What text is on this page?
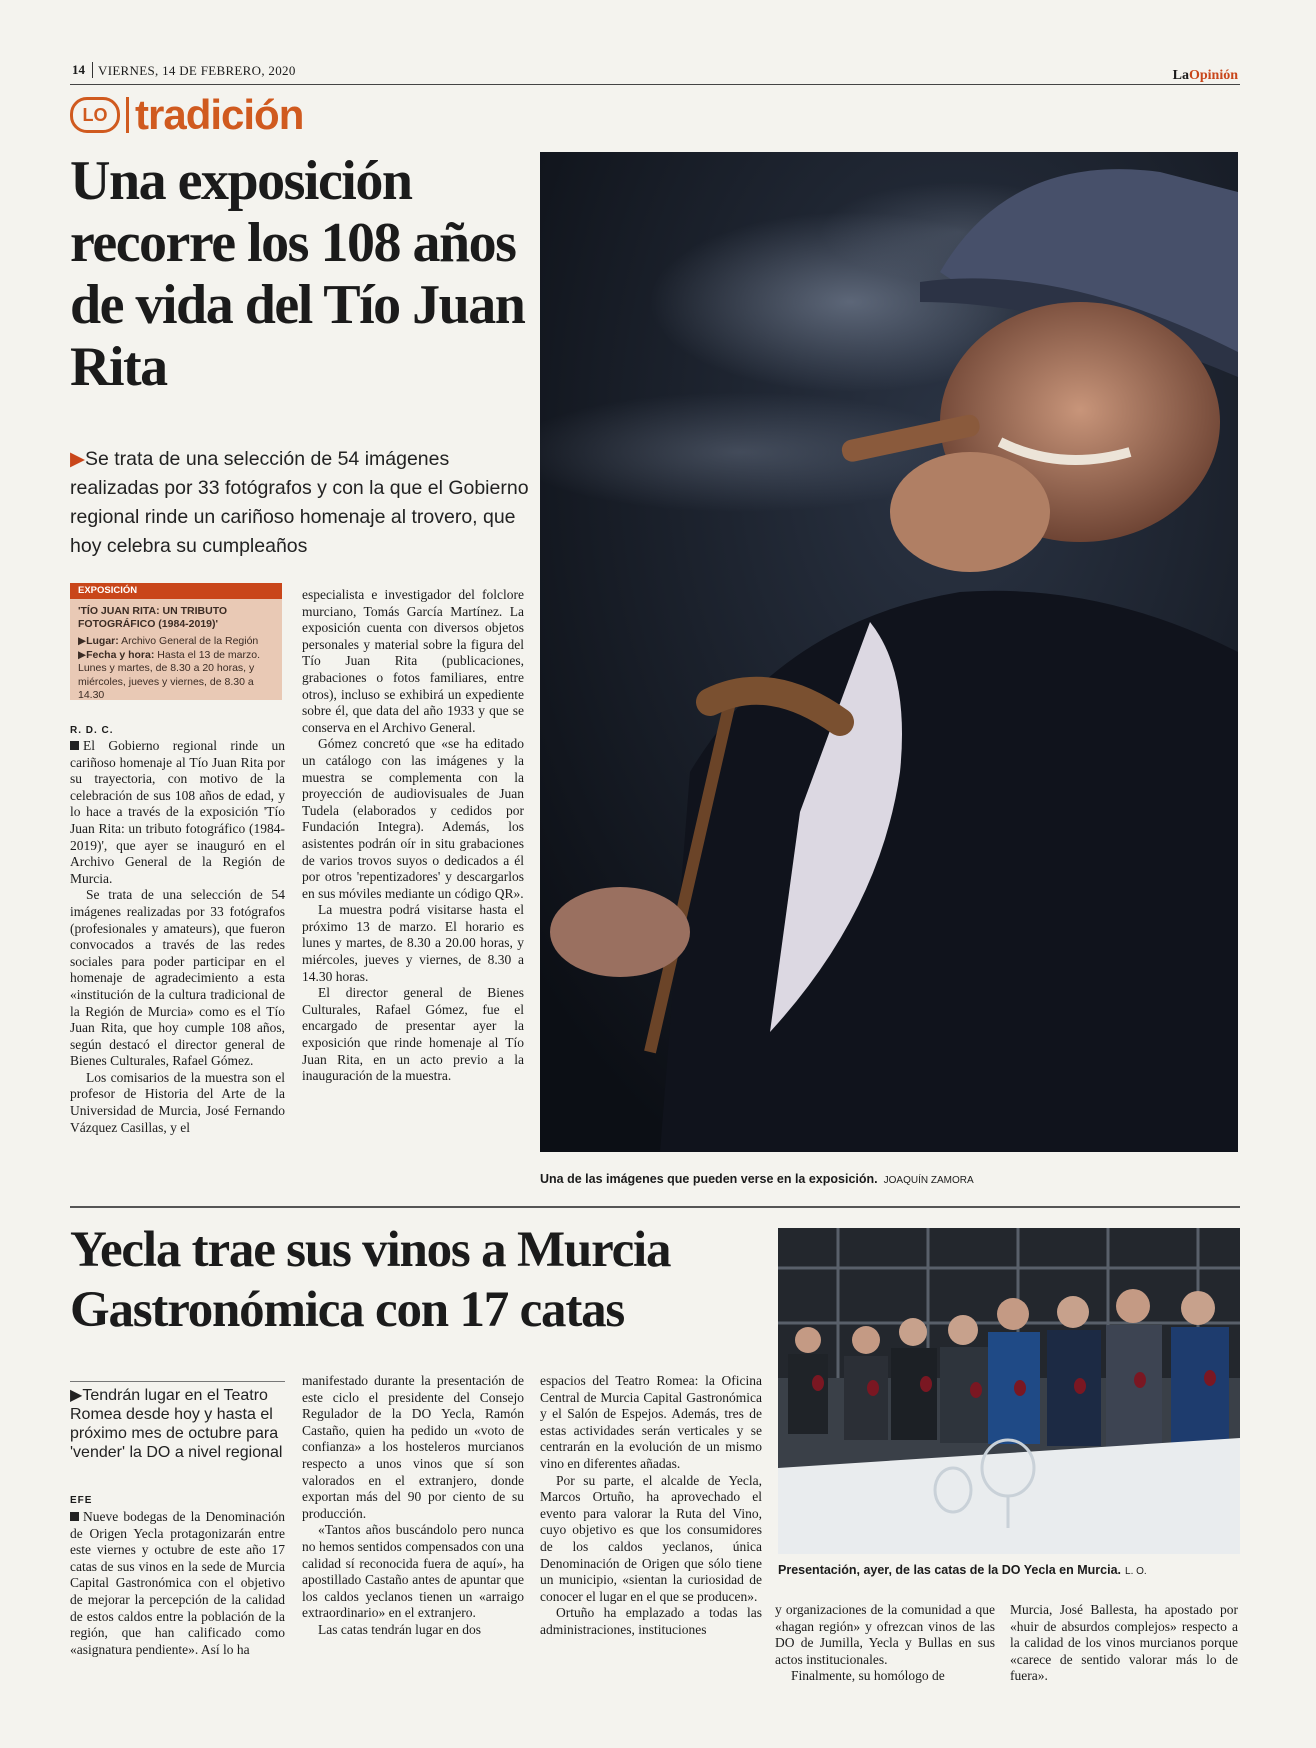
14 VIERNES, 14 DE FEBRERO, 2020	LaOpinión
LO tradición
Una exposición recorre los 108 años de vida del Tío Juan Rita
▶Se trata de una selección de 54 imágenes realizadas por 33 fotógrafos y con la que el Gobierno regional rinde un cariñoso homenaje al trovero, que hoy celebra su cumpleaños
EXPOSICIÓN
'TÍO JUAN RITA: UN TRIBUTO FOTOGRÁFICO (1984-2019)'
▶Lugar: Archivo General de la Región
▶Fecha y hora: Hasta el 13 de marzo. Lunes y martes, de 8.30 a 20 horas, y miércoles, jueves y viernes, de 8.30 a 14.30
R. D. C.

El Gobierno regional rinde un cariñoso homenaje al Tío Juan Rita por su trayectoria, con motivo de la celebración de sus 108 años de edad, y lo hace a través de la exposición 'Tío Juan Rita: un tributo fotográfico (1984-2019)', que ayer se inauguró en el Archivo General de la Región de Murcia.

Se trata de una selección de 54 imágenes realizadas por 33 fotógrafos (profesionales y amateurs), que fueron convocados a través de las redes sociales para poder participar en el homenaje de agradecimiento a esta «institución de la cultura tradicional de la Región de Murcia» como es el Tío Juan Rita, que hoy cumple 108 años, según destacó el director general de Bienes Culturales, Rafael Gómez.

Los comisarios de la muestra son el profesor de Historia del Arte de la Universidad de Murcia, José Fernando Vázquez Casillas, y el

especialista e investigador del folclore murciano, Tomás García Martínez. La exposición cuenta con diversos objetos personales y material sobre la figura del Tío Juan Rita (publicaciones, grabaciones o fotos familiares, entre otros), incluso se exhibirá un expediente sobre él, que data del año 1933 y que se conserva en el Archivo General.

Gómez concretó que «se ha editado un catálogo con las imágenes y la muestra se complementa con la proyección de audiovisuales de Juan Tudela (elaborados y cedidos por Fundación Integra). Además, los asistentes podrán oír in situ grabaciones de varios trovos suyos o dedicados a él por otros 'repentizadores' y descargarlos en sus móviles mediante un código QR».

La muestra podrá visitarse hasta el próximo 13 de marzo. El horario es lunes y martes, de 8.30 a 20.00 horas, y miércoles, jueves y viernes, de 8.30 a 14.30 horas.

El director general de Bienes Culturales, Rafael Gómez, fue el encargado de presentar ayer la exposición que rinde homenaje al Tío Juan Rita, en un acto previo a la inauguración de la muestra.

Una de las imágenes que pueden verse en la exposición. JOAQUÍN ZAMORA
Yecla trae sus vinos a Murcia Gastronómica con 17 catas
▶Tendrán lugar en el Teatro Romea desde hoy y hasta el próximo mes de octubre para 'vender' la DO a nivel regional
EFE

Nueve bodegas de la Denominación de Origen Yecla protagonizarán entre este viernes y octubre de este año 17 catas de sus vinos en la sede de Murcia Capital Gastronómica con el objetivo de mejorar la percepción de la calidad de estos caldos entre la población de la región, que han calificado como «asignatura pendiente». Así lo ha

manifestado durante la presentación de este ciclo el presidente del Consejo Regulador de la DO Yecla, Ramón Castaño, quien ha pedido un «voto de confianza» a los hosteleros murcianos respecto a unos vinos que sí son valorados en el extranjero, donde exportan más del 90 por ciento de su producción.

«Tantos años buscándolo pero nunca no hemos sentidos compensados con una calidad sí reconocida fuera de aquí», ha apostillado Castaño antes de apuntar que los caldos yeclanos tienen un «arraigo extraordinario» en el extranjero.

Las catas tendrán lugar en dos

espacios del Teatro Romea: la Oficina Central de Murcia Capital Gastronómica y el Salón de Espejos. Además, tres de estas actividades serán verticales y se centrarán en la evolución de un mismo vino en diferentes añadas.

Por su parte, el alcalde de Yecla, Marcos Ortuño, ha aprovechado el evento para valorar la Ruta del Vino, cuyo objetivo es que los consumidores de los caldos yeclanos, única Denominación de Origen que sólo tiene un municipio, «sientan la curiosidad de conocer el lugar en el que se producen».

Ortuño ha emplazado a todas las administraciones, instituciones

Presentación, ayer, de las catas de la DO Yecla en Murcia. L. O.

y organizaciones de la comunidad a que «hagan región» y ofrezcan vinos de las DO de Jumilla, Yecla y Bullas en sus actos institucionales.

Finalmente, su homólogo de

Murcia, José Ballesta, ha apostado por «huir de absurdos complejos» respecto a la calidad de los vinos murcianos porque «carece de sentido valorar más lo de fuera».
